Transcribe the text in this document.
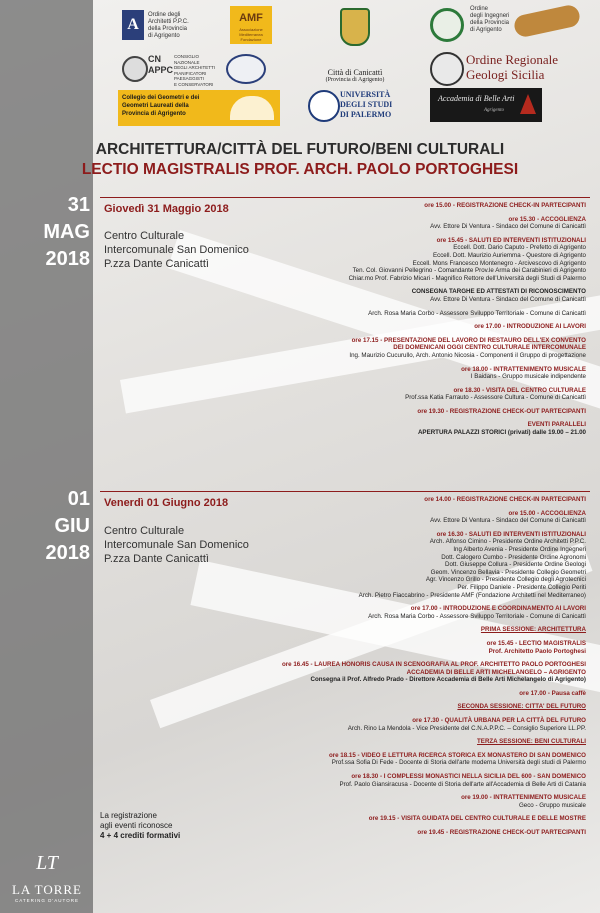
A
Ordine degli
Architetti P.P.C.
della Provincia
di Agrigento
AMF
Associazione Mediterranea Fondazione
Città di Canicattì
(Provincia di Agrigento)
Ordine
degli Ingegneri
della Provincia
di Agrigento
CN APPC
CONSIGLIO NAZIONALE
DEGLI ARCHITETTI
PIANIFICATORI
PAESAGGISTI
E CONSERVATORI
Ordine Regionale
Geologi Sicilia
Collegio dei Geometri e dei
Geometri Laureati della
Provincia di Agrigento
UNIVERSITÀ
DEGLI STUDI
DI PALERMO
Accademia di Belle Arti
Agrigento
ARCHITETTURA/CITTÀ DEL FUTURO/BENI CULTURALI
LECTIO MAGISTRALIS PROF. ARCH. PAOLO PORTOGHESI
31
MAG
2018
Giovedì 31 Maggio 2018
Centro Culturale
Intercomunale San Domenico
P.zza Dante Canicattì
ore 15.00 - REGISTRAZIONE CHECK-IN PARTECIPANTI
ore 15.30 - ACCOGLIENZA
Avv. Ettore Di Ventura - Sindaco del Comune di Canicattì
ore 15.45 - SALUTI ED INTERVENTI ISTITUZIONALI
Eccell. Dott. Dario Caputo - Prefetto di Agrigento
Eccell. Dott. Maurizio Auriemma - Questore di Agrigento
Eccell. Mons Francesco Montenegro - Arcivescovo di Agrigento
Ten. Col. Giovanni Pellegrino - Comandante Prov.le Arma dei Carabinieri di Agrigento
Chiar.mo Prof. Fabrizio Micari - Magnifico Rettore dell'Università degli Studi di Palermo
CONSEGNA TARGHE ED ATTESTATI DI RICONOSCIMENTO
Avv. Ettore Di Ventura - Sindaco del Comune di Canicattì
Arch. Rosa Maria Corbo - Assessore Sviluppo Territoriale - Comune di Canicattì
ore 17.00 - INTRODUZIONE AI LAVORI
ore 17.15 - PRESENTAZIONE DEL LAVORO DI RESTAURO DELL'EX CONVENTO
DEI DOMENICANI OGGI CENTRO CULTURALE INTERCOMUNALE
Ing. Maurizio Cucurullo, Arch. Antonio Nicosia - Componenti il Gruppo di progettazione
ore 18.00 - INTRATTENIMENTO MUSICALE
I Baidans - Gruppo musicale indipendente
ore 18.30 - VISITA DEL CENTRO CULTURALE
Prof.ssa Katia Farrauto - Assessore Cultura - Comune di Canicattì
ore 19.30 - REGISTRAZIONE CHECK-OUT PARTECIPANTI
EVENTI PARALLELI
APERTURA PALAZZI STORICI (privati) dalle 19.00 – 21.00
01
GIU
2018
Venerdì 01 Giugno 2018
Centro Culturale
Intercomunale San Domenico
P.zza Dante Canicattì
ore 14.00 - REGISTRAZIONE CHECK-IN PARTECIPANTI
ore 15.00 - ACCOGLIENZA
Avv. Ettore Di Ventura - Sindaco del Comune di Canicattì
ore 16.30 - SALUTI ED INTERVENTI ISTITUZIONALI
Arch. Alfonso Cimino - Presidente Ordine Architetti P.P.C.
Ing Alberto Avenia - Presidente Ordine Ingegneri
Dott. Calogero Cumbo - Presidente Ordine Agronomi
Dott. Giuseppe Collura - Presidente Ordine Geologi
Geom. Vincenzo Bellavia - Presidente Collegio Geometri
Agr. Vincenzo Grillo - Presidente Collegio degli Agrotecnici
Per. Filippo Daniele - Presidente Collegio Periti
Arch. Pietro Fiaccabrino - Presidente AMF (Fondazione Architetti nel Mediterraneo)
ore 17.00 - INTRODUZIONE E COORDINAMENTO AI LAVORI
Arch. Rosa Maria Corbo - Assessore Sviluppo Territoriale - Comune di Canicattì
PRIMA SESSIONE: ARCHITETTURA
ore 15.45 - LECTIO MAGISTRALIS
Prof. Architetto Paolo Portoghesi
ore 16.45 - LAUREA HONORIS CAUSA IN SCENOGRAFIA AL PROF. ARCHITETTO PAOLO PORTOGHESI
ACCADEMIA DI BELLE ARTI MICHELANGELO – AGRIGENTO
Consegna il Prof. Alfredo Prado - Direttore Accademia di Belle Arti Michelangelo di Agrigento)
ore 17.00 - Pausa caffè
SECONDA SESSIONE: CITTA' DEL FUTURO
ore 17.30 - QUALITÀ URBANA PER LA CITTÀ DEL FUTURO
Arch. Rino La Mendola - Vice Presidente del C.N.A.P.P.C. – Consiglio Superiore LL.PP.
TERZA SESSIONE: BENI CULTURALI
ore 18.15 - VIDEO E LETTURA RICERCA STORICA EX MONASTERO DI SAN DOMENICO
Prof.ssa Sofia Di Fede - Docente di Storia dell'arte moderna Università degli studi di Palermo
ore 18.30 - I COMPLESSI MONASTICI NELLA SICILIA DEL 600 - SAN DOMENICO
Prof. Paolo Giansiracusa - Docente di Storia dell'arte all'Accademia di Belle Arti di Catania
ore 19.00 - INTRATTENIMENTO MUSICALE
Geco - Gruppo musicale
ore 19.15 - VISITA GUIDATA DEL CENTRO CULTURALE E DELLE MOSTRE
ore 19.45 - REGISTRAZIONE CHECK-OUT PARTECIPANTI
La registrazione
agli eventi riconosce
4 + 4 crediti formativi
LT
LA TORRE
CATERING D'AUTORE
